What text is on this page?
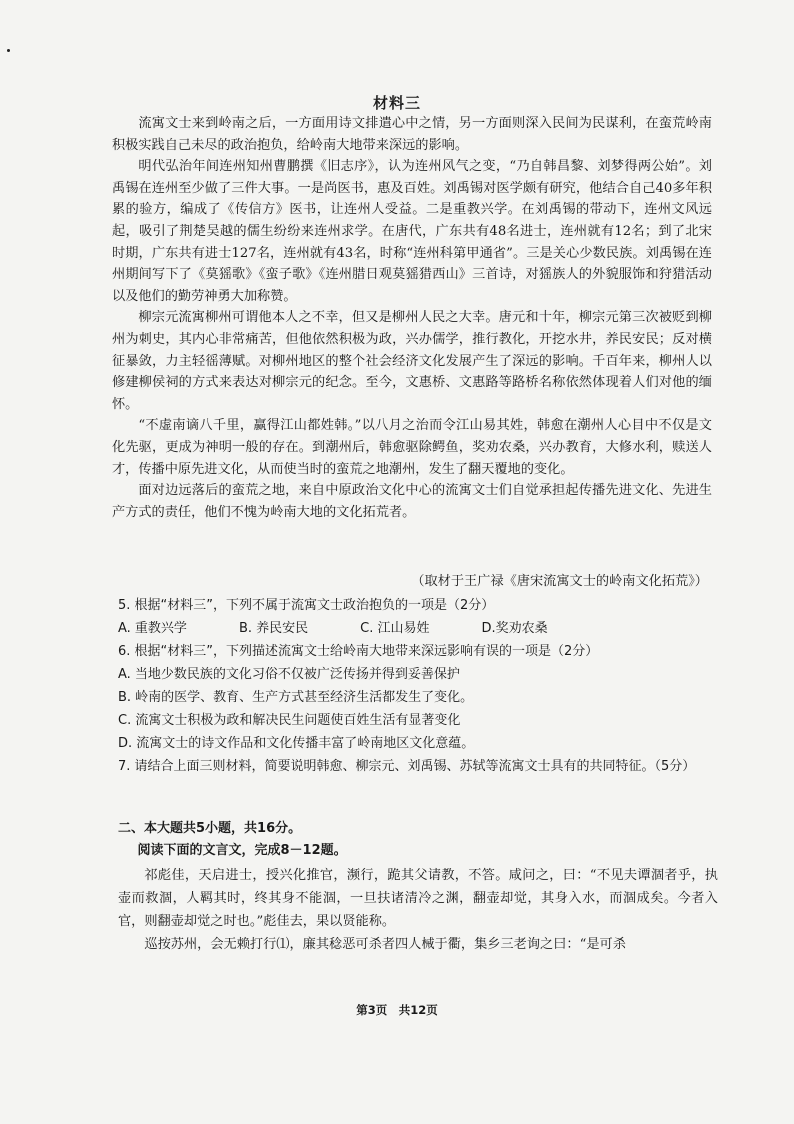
材料三

流寓文士来到岭南之后，一方面用诗文排遣心中之情，另一方面则深入民间为民谋利，在蛮荒岭南积极实践自己未尽的政治抱负，给岭南大地带来深远的影响。

明代弘治年间连州知州曹鹏撰《旧志序》，认为连州风气之变，“乃自韩昌黎、刘梦得两公始”。刘禹锡在连州至少做了三件大事。一是尚医书，惠及百姓。刘禹锡对医学颇有研究，他结合自己40多年积累的验方，编成了《传信方》医书，让连州人受益。二是重教兴学。在刘禹锡的带动下，连州文风远起，吸引了荆楚吴越的儒生纷纷来连州求学。在唐代，广东共有48名进士，连州就有12名；到了北宋时期，广东共有进士127名，连州就有43名，时称“连州科第甲通省”。三是关心少数民族。刘禹锡在连州期间写下了《莫猺歌》《蛮子歌》《连州腊日观莫猺猎西山》三首诗，对猺族人的外貌服饰和狩猎活动以及他们的勤劳神勇大加称赞。

柳宗元流寓柳州可谓他本人之不幸，但又是柳州人民之大幸。唐元和十年，柳宗元第三次被贬到柳州为刺史，其内心非常痛苦，但他依然积极为政，兴办儒学，推行教化，开挖水井，养民安民；反对横征暴敛，力主轻徭薄赋。对柳州地区的整个社会经济文化发展产生了深远的影响。千百年来，柳州人以修建柳侯祠的方式来表达对柳宗元的纪念。至今，文惠桥、文惠路等路桥名称依然体现着人们对他的缅怀。

“不虚南谪八千里，赢得江山都姓韩。”以八月之治而令江山易其姓，韩愈在潮州人心目中不仅是文化先驱，更成为神明一般的存在。到潮州后，韩愈驱除鳄鱼，奖劝农桑，兴办教育，大修水利，赎送人才，传播中原先进文化，从而使当时的蛮荒之地潮州，发生了翻天覆地的变化。

面对边远落后的蛮荒之地，来自中原政治文化中心的流寓文士们自觉承担起传播先进文化、先进生产方式的责任，他们不愧为岭南大地的文化拓荒者。

（取材于王广禄《唐宋流寓文士的岭南文化拓荒》）

5. 根据“材料三”，下列不属于流寓文士政治抱负的一项是（2分）

A. 重教兴学	B. 养民安民	C. 江山易姓	D.奖劝农桑

6. 根据“材料三”，下列描述流寓文士给岭南大地带来深远影响有误的一项是（2分）

A. 当地少数民族的文化习俗不仅被广泛传扬并得到妥善保护

B. 岭南的医学、教育、生产方式甚至经济生活都发生了变化。

C. 流寓文士积极为政和解决民生问题使百姓生活有显著变化

D. 流寓文士的诗文作品和文化传播丰富了岭南地区文化意蕴。

7. 请结合上面三则材料，简要说明韩愈、柳宗元、刘禹锡、苏轼等流寓文士具有的共同特征。（5分）

二、本大题共5小题，共16分。

阅读下面的文言文，完成8－12题。

祁彪佳，天启进士，授兴化推官，濒行，跪其父请教，不答。咸问之，曰：“不见夫谭涸者乎，执壶而救涸，人羁其时，终其身不能涸，一旦扶诸清冷之渊，翻壶却觉，其身入水，而涸成矣。今者入官，则翻壶却觉之时也。”彪佳去，果以贤能称。

巡按苏州，会无赖打行⑴，廉其稔恶可杀者四人械于衢，集乡三老询之曰：“是可杀

第3页　共12页
